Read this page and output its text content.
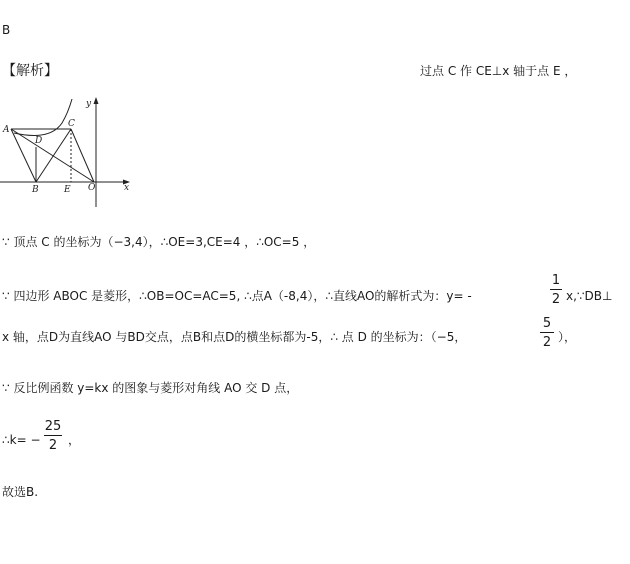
B
【解析】	过点 C 作 CE⊥x 轴于点 E ，
A
D
C
y
B	E O	x
∵ 顶点 C 的坐标为（−3,4），∴OE=3,CE=4 ，∴OC=5 ，
∵ 四边形 ABOC 是菱形，∴OB=OC=AC=5, ∴点A（-8,4），∴直线AO的解析式为：y= -
1
2 x,∵DB⊥
x 轴，点D为直线AO 与BD交点，点B和点D的横坐标都为-5，∴ 点 D 的坐标为：（−5，
5
2 ），
∵ 反比例函数 y=kx 的图象与菱形对角线 AO 交 D 点，
∴k= −
25
2 ，
故选B.
